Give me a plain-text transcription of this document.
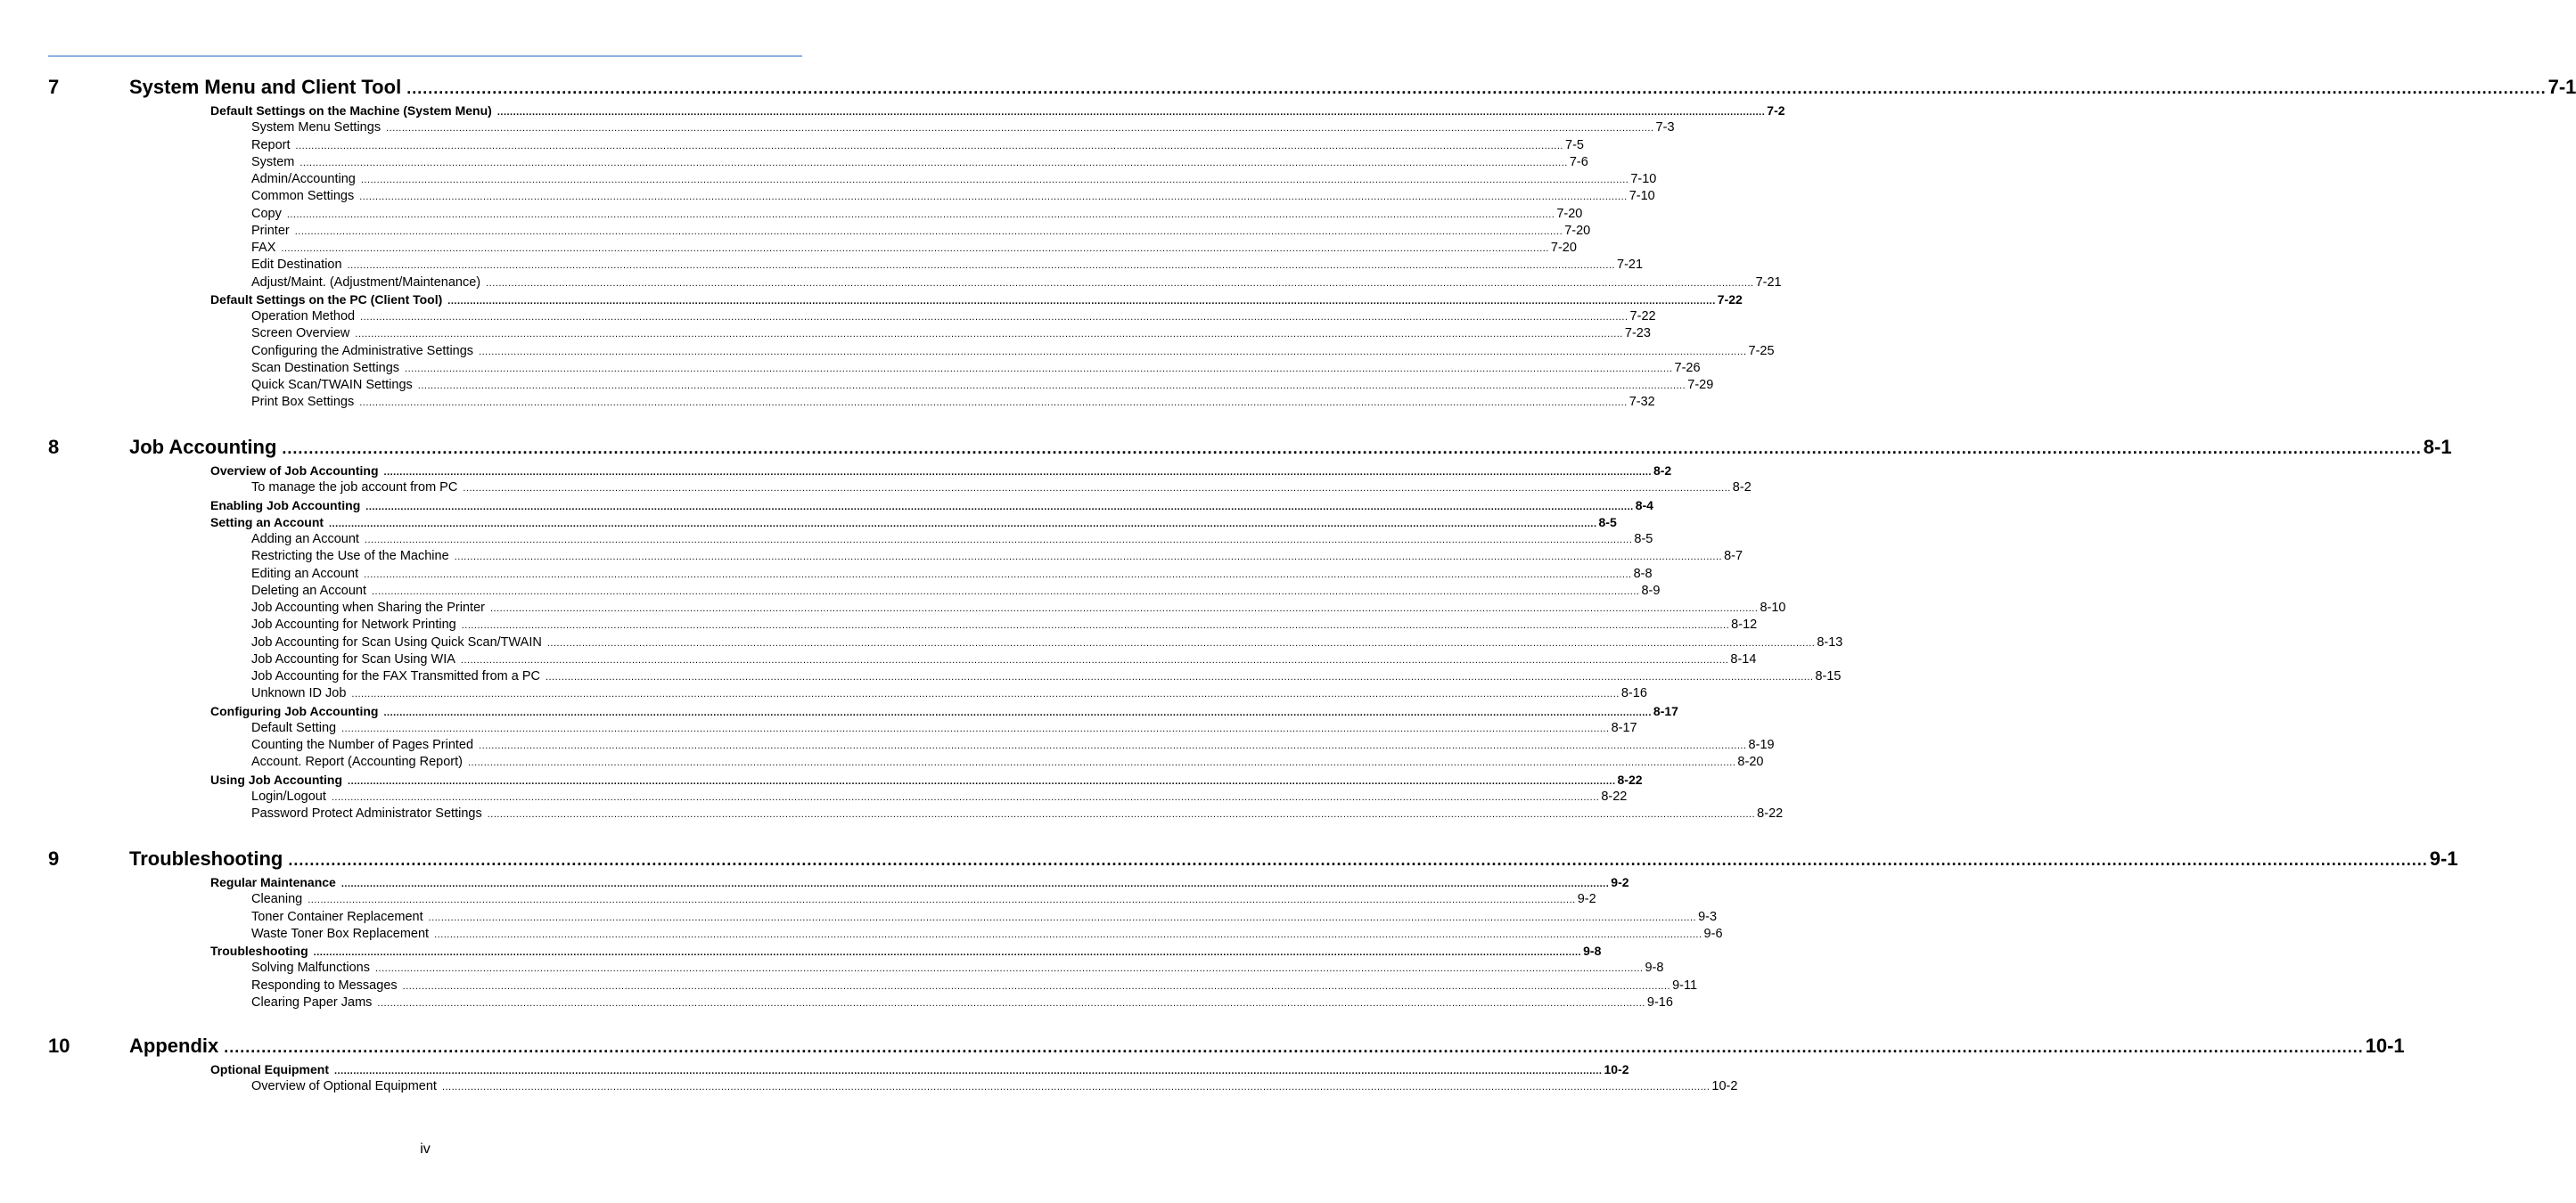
7	System Menu and Client Tool ................................................................................................................................................................................................................................................................................................................................................................................................................ 7-1
Default Settings on the Machine (System Menu) ................................................................................................................................................................................................................................................................................................................................................................................................................ 7-2
System Menu Settings ................................................................................................................................................................................................................................................................................................................................................................................................................ 7-3
Report ................................................................................................................................................................................................................................................................................................................................................................................................................ 7-5
System ................................................................................................................................................................................................................................................................................................................................................................................................................ 7-6
Admin/Accounting ................................................................................................................................................................................................................................................................................................................................................................................................................ 7-10
Common Settings ................................................................................................................................................................................................................................................................................................................................................................................................................ 7-10
Copy ................................................................................................................................................................................................................................................................................................................................................................................................................ 7-20
Printer ................................................................................................................................................................................................................................................................................................................................................................................................................ 7-20
FAX ................................................................................................................................................................................................................................................................................................................................................................................................................ 7-20
Edit Destination ................................................................................................................................................................................................................................................................................................................................................................................................................ 7-21
Adjust/Maint. (Adjustment/Maintenance) ................................................................................................................................................................................................................................................................................................................................................................................................................ 7-21
Default Settings on the PC (Client Tool) ................................................................................................................................................................................................................................................................................................................................................................................................................ 7-22
Operation Method ................................................................................................................................................................................................................................................................................................................................................................................................................ 7-22
Screen Overview ................................................................................................................................................................................................................................................................................................................................................................................................................ 7-23
Configuring the Administrative Settings ................................................................................................................................................................................................................................................................................................................................................................................................................ 7-25
Scan Destination Settings ................................................................................................................................................................................................................................................................................................................................................................................................................ 7-26
Quick Scan/TWAIN Settings ................................................................................................................................................................................................................................................................................................................................................................................................................ 7-29
Print Box Settings ................................................................................................................................................................................................................................................................................................................................................................................................................ 7-32
8	Job Accounting ................................................................................................................................................................................................................................................................................................................................................................................................................ 8-1
Overview of Job Accounting ................................................................................................................................................................................................................................................................................................................................................................................................................ 8-2
To manage the job account from PC ................................................................................................................................................................................................................................................................................................................................................................................................................ 8-2
Enabling Job Accounting ................................................................................................................................................................................................................................................................................................................................................................................................................ 8-4
Setting an Account ................................................................................................................................................................................................................................................................................................................................................................................................................ 8-5
Adding an Account ................................................................................................................................................................................................................................................................................................................................................................................................................ 8-5
Restricting the Use of the Machine ................................................................................................................................................................................................................................................................................................................................................................................................................ 8-7
Editing an Account ................................................................................................................................................................................................................................................................................................................................................................................................................ 8-8
Deleting an Account ................................................................................................................................................................................................................................................................................................................................................................................................................ 8-9
Job Accounting when Sharing the Printer ................................................................................................................................................................................................................................................................................................................................................................................................................ 8-10
Job Accounting for Network Printing ................................................................................................................................................................................................................................................................................................................................................................................................................ 8-12
Job Accounting for Scan Using Quick Scan/TWAIN ................................................................................................................................................................................................................................................................................................................................................................................................................ 8-13
Job Accounting for Scan Using WIA ................................................................................................................................................................................................................................................................................................................................................................................................................ 8-14
Job Accounting for the FAX Transmitted from a PC ................................................................................................................................................................................................................................................................................................................................................................................................................ 8-15
Unknown ID Job ................................................................................................................................................................................................................................................................................................................................................................................................................ 8-16
Configuring Job Accounting ................................................................................................................................................................................................................................................................................................................................................................................................................ 8-17
Default Setting ................................................................................................................................................................................................................................................................................................................................................................................................................ 8-17
Counting the Number of Pages Printed ................................................................................................................................................................................................................................................................................................................................................................................................................ 8-19
Account. Report (Accounting Report) ................................................................................................................................................................................................................................................................................................................................................................................................................ 8-20
Using Job Accounting ................................................................................................................................................................................................................................................................................................................................................................................................................ 8-22
Login/Logout ................................................................................................................................................................................................................................................................................................................................................................................................................ 8-22
Password Protect Administrator Settings ................................................................................................................................................................................................................................................................................................................................................................................................................ 8-22
9	Troubleshooting ................................................................................................................................................................................................................................................................................................................................................................................................................ 9-1
Regular Maintenance ................................................................................................................................................................................................................................................................................................................................................................................................................ 9-2
Cleaning ................................................................................................................................................................................................................................................................................................................................................................................................................ 9-2
Toner Container Replacement ................................................................................................................................................................................................................................................................................................................................................................................................................ 9-3
Waste Toner Box Replacement ................................................................................................................................................................................................................................................................................................................................................................................................................ 9-6
Troubleshooting ................................................................................................................................................................................................................................................................................................................................................................................................................ 9-8
Solving Malfunctions ................................................................................................................................................................................................................................................................................................................................................................................................................ 9-8
Responding to Messages ................................................................................................................................................................................................................................................................................................................................................................................................................ 9-11
Clearing Paper Jams ................................................................................................................................................................................................................................................................................................................................................................................................................ 9-16
10	Appendix ................................................................................................................................................................................................................................................................................................................................................................................................................ 10-1
Optional Equipment ................................................................................................................................................................................................................................................................................................................................................................................................................ 10-2
Overview of Optional Equipment ................................................................................................................................................................................................................................................................................................................................................................................................................ 10-2
iv
